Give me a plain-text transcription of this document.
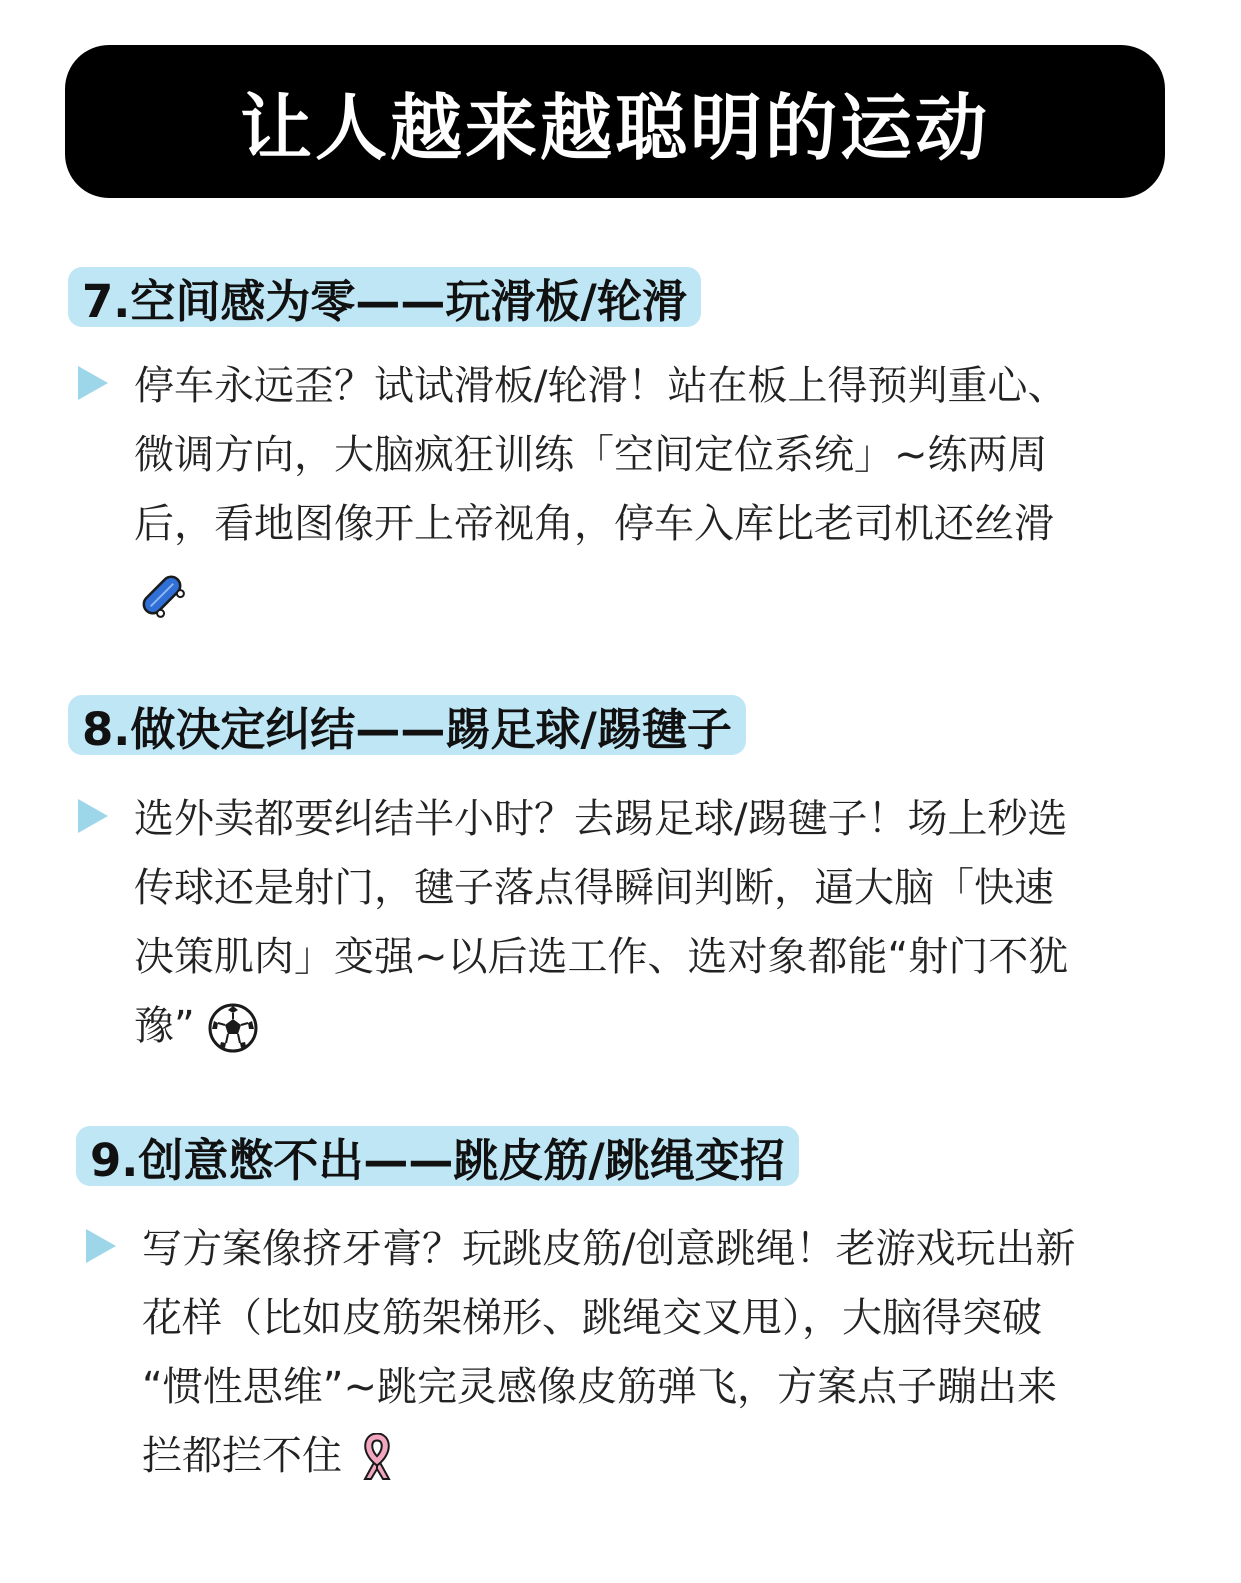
让人越来越聪明的运动
7.空间感为零——玩滑板/轮滑
停车永远歪？试试滑板/轮滑！站在板上得预判重心、
微调方向，大脑疯狂训练「空间定位系统」~练两周
后，看地图像开上帝视角，停车入库比老司机还丝滑
8.做决定纠结——踢足球/踢毽子
选外卖都要纠结半小时？去踢足球/踢毽子！场上秒选
传球还是射门，毽子落点得瞬间判断，逼大脑「快速
决策肌肉」变强~以后选工作、选对象都能“射门不犹
豫”
9.创意憋不出——跳皮筋/跳绳变招
写方案像挤牙膏？玩跳皮筋/创意跳绳！老游戏玩出新
花样（比如皮筋架梯形、跳绳交叉甩），大脑得突破
“惯性思维”~跳完灵感像皮筋弹飞，方案点子蹦出来
拦都拦不住
